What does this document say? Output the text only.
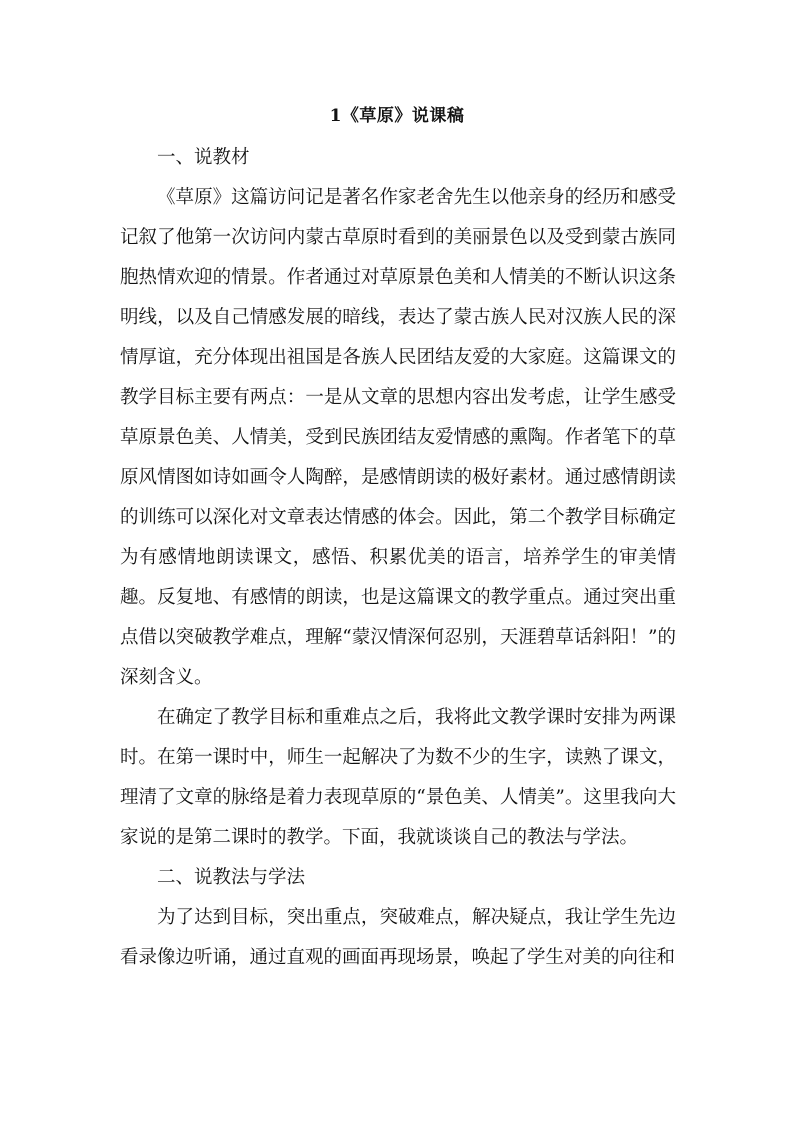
1《草原》说课稿

一、说教材

《草原》这篇访问记是著名作家老舍先生以他亲身的经历和感受记叙了他第一次访问内蒙古草原时看到的美丽景色以及受到蒙古族同胞热情欢迎的情景。作者通过对草原景色美和人情美的不断认识这条明线，以及自己情感发展的暗线，表达了蒙古族人民对汉族人民的深情厚谊，充分体现出祖国是各族人民团结友爱的大家庭。这篇课文的教学目标主要有两点：一是从文章的思想内容出发考虑，让学生感受草原景色美、人情美，受到民族团结友爱情感的熏陶。作者笔下的草原风情图如诗如画令人陶醉，是感情朗读的极好素材。通过感情朗读的训练可以深化对文章表达情感的体会。因此，第二个教学目标确定为有感情地朗读课文，感悟、积累优美的语言，培养学生的审美情趣。反复地、有感情的朗读，也是这篇课文的教学重点。通过突出重点借以突破教学难点，理解“蒙汉情深何忍别，天涯碧草话斜阳！”的深刻含义。

在确定了教学目标和重难点之后，我将此文教学课时安排为两课时。在第一课时中，师生一起解决了为数不少的生字，读熟了课文，理清了文章的脉络是着力表现草原的“景色美、人情美”。这里我向大家说的是第二课时的教学。下面，我就谈谈自己的教法与学法。

二、说教法与学法

为了达到目标，突出重点，突破难点，解决疑点，我让学生先边看录像边听诵，通过直观的画面再现场景，唤起了学生对美的向往和
